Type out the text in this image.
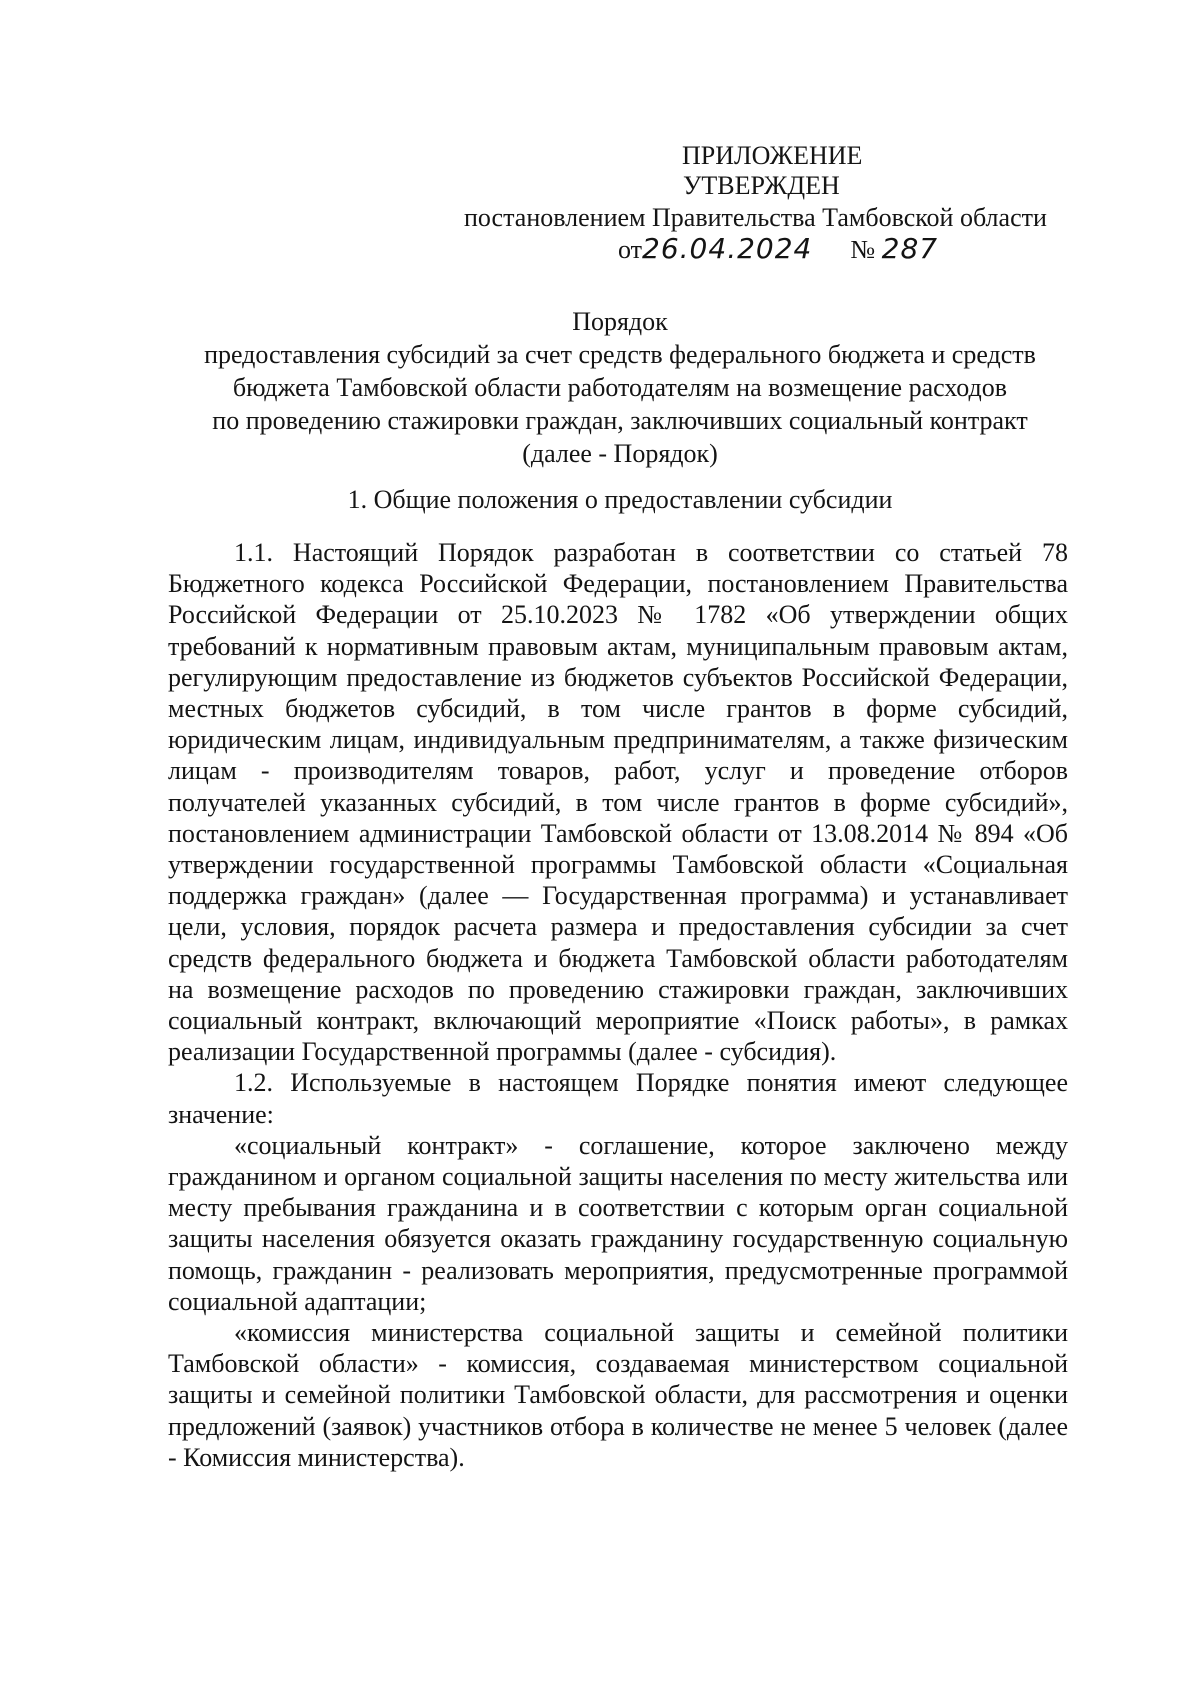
ПРИЛОЖЕНИЕ
УТВЕРЖДЕН
постановлением Правительства Тамбовской области
от26.04.2024 № 287
Порядок
предоставления субсидий за счет средств федерального бюджета и средств
бюджета Тамбовской области работодателям на возмещение расходов
по проведению стажировки граждан, заключивших социальный контракт
(далее - Порядок)
1. Общие положения о предоставлении субсидии

1.1. Настоящий Порядок разработан в соответствии со статьей 78 Бюджетного кодекса Российской Федерации, постановлением Правительства Российской Федерации от 25.10.2023 № 1782 «Об утверждении общих требований к нормативным правовым актам, муниципальным правовым актам, регулирующим предоставление из бюджетов субъектов Российской Федерации, местных бюджетов субсидий, в том числе грантов в форме субсидий, юридическим лицам, индивидуальным предпринимателям, а также физическим лицам - производителям товаров, работ, услуг и проведение отборов получателей указанных субсидий, в том числе грантов в форме субсидий», постановлением администрации Тамбовской области от 13.08.2014 № 894 «Об утверждении государственной программы Тамбовской области «Социальная поддержка граждан» (далее — Государственная программа) и устанавливает цели, условия, порядок расчета размера и предоставления субсидии за счет средств федерального бюджета и бюджета Тамбовской области работодателям на возмещение расходов по проведению стажировки граждан, заключивших социальный контракт, включающий мероприятие «Поиск работы», в рамках реализации Государственной программы (далее - субсидия).

1.2. Используемые в настоящем Порядке понятия имеют следующее значение:

«социальный контракт» - соглашение, которое заключено между гражданином и органом социальной защиты населения по месту жительства или месту пребывания гражданина и в соответствии с которым орган социальной защиты населения обязуется оказать гражданину государственную социальную помощь, гражданин - реализовать мероприятия, предусмотренные программой социальной адаптации;

«комиссия министерства социальной защиты и семейной политики Тамбовской области» - комиссия, создаваемая министерством социальной защиты и семейной политики Тамбовской области, для рассмотрения и оценки предложений (заявок) участников отбора в количестве не менее 5 человек (далее - Комиссия министерства).
